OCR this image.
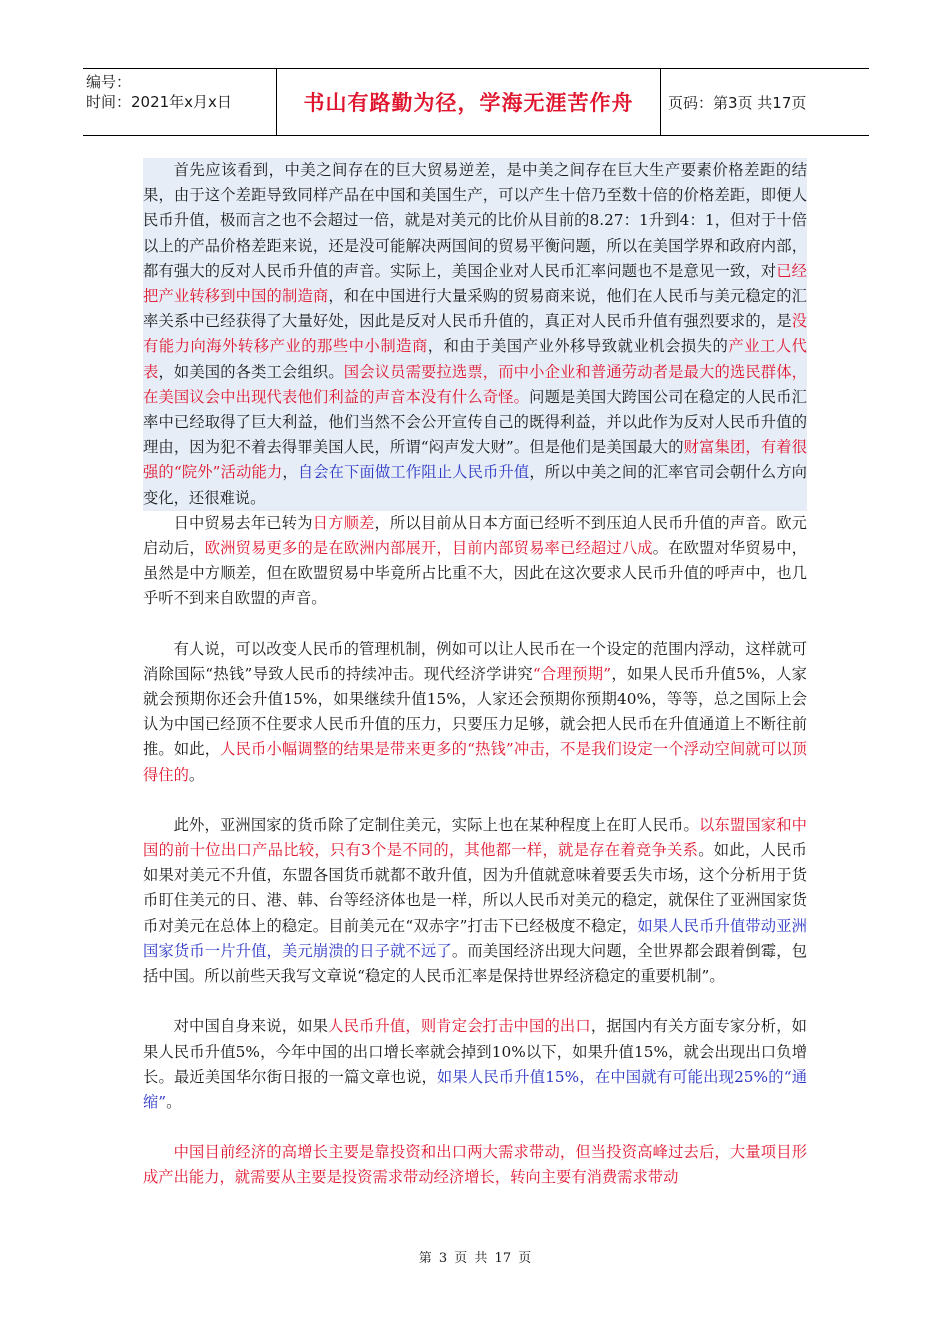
编号：
时间：2021年x月x日	书山有路勤为径，学海无涯苦作舟	页码：第3页 共17页

首先应该看到，中美之间存在的巨大贸易逆差，是中美之间存在巨大生产要素价格差距的结果，由于这个差距导致同样产品在中国和美国生产，可以产生十倍乃至数十倍的价格差距，即便人民币升值，极而言之也不会超过一倍，就是对美元的比价从目前的8.27：1升到4：1，但对于十倍以上的产品价格差距来说，还是没可能解决两国间的贸易平衡问题，所以在美国学界和政府内部，都有强大的反对人民币升值的声音。实际上，美国企业对人民币汇率问题也不是意见一致，对已经把产业转移到中国的制造商，和在中国进行大量采购的贸易商来说，他们在人民币与美元稳定的汇率关系中已经获得了大量好处，因此是反对人民币升值的，真正对人民币升值有强烈要求的，是没有能力向海外转移产业的那些中小制造商，和由于美国产业外移导致就业机会损失的产业工人代表，如美国的各类工会组织。国会议员需要拉选票，而中小企业和普通劳动者是最大的选民群体，在美国议会中出现代表他们利益的声音本没有什么奇怪。问题是美国大跨国公司在稳定的人民币汇率中已经取得了巨大利益，他们当然不会公开宣传自己的既得利益，并以此作为反对人民币升值的理由，因为犯不着去得罪美国人民，所谓“闷声发大财”。但是他们是美国最大的财富集团，有着很强的“院外”活动能力，自会在下面做工作阻止人民币升值，所以中美之间的汇率官司会朝什么方向变化，还很难说。

日中贸易去年已转为日方顺差，所以目前从日本方面已经听不到压迫人民币升值的声音。欧元启动后，欧洲贸易更多的是在欧洲内部展开，目前内部贸易率已经超过八成。在欧盟对华贸易中，虽然是中方顺差，但在欧盟贸易中毕竟所占比重不大，因此在这次要求人民币升值的呼声中，也几乎听不到来自欧盟的声音。

有人说，可以改变人民币的管理机制，例如可以让人民币在一个设定的范围内浮动，这样就可消除国际“热钱”导致人民币的持续冲击。现代经济学讲究“合理预期”，如果人民币升值5%，人家就会预期你还会升值15%，如果继续升值15%，人家还会预期你预期40%，等等，总之国际上会认为中国已经顶不住要求人民币升值的压力，只要压力足够，就会把人民币在升值通道上不断往前推。如此，人民币小幅调整的结果是带来更多的“热钱”冲击，不是我们设定一个浮动空间就可以顶得住的。

此外，亚洲国家的货币除了定制住美元，实际上也在某种程度上在盯人民币。以东盟国家和中国的前十位出口产品比较，只有3个是不同的，其他都一样，就是存在着竞争关系。如此，人民币如果对美元不升值，东盟各国货币就都不敢升值，因为升值就意味着要丢失市场，这个分析用于货币盯住美元的日、港、韩、台等经济体也是一样，所以人民币对美元的稳定，就保住了亚洲国家货币对美元在总体上的稳定。目前美元在“双赤字”打击下已经极度不稳定，如果人民币升值带动亚洲国家货币一片升值，美元崩溃的日子就不远了。而美国经济出现大问题，全世界都会跟着倒霉，包括中国。所以前些天我写文章说“稳定的人民币汇率是保持世界经济稳定的重要机制”。

对中国自身来说，如果人民币升值，则肯定会打击中国的出口，据国内有关方面专家分析，如果人民币升值5%，今年中国的出口增长率就会掉到10%以下，如果升值15%，就会出现出口负增长。最近美国华尔街日报的一篇文章也说，如果人民币升值15%，在中国就有可能出现25%的“通缩”。

中国目前经济的高增长主要是靠投资和出口两大需求带动，但当投资高峰过去后，大量项目形成产出能力，就需要从主要是投资需求带动经济增长，转向主要有消费需求带动

第 3 页 共 17 页
